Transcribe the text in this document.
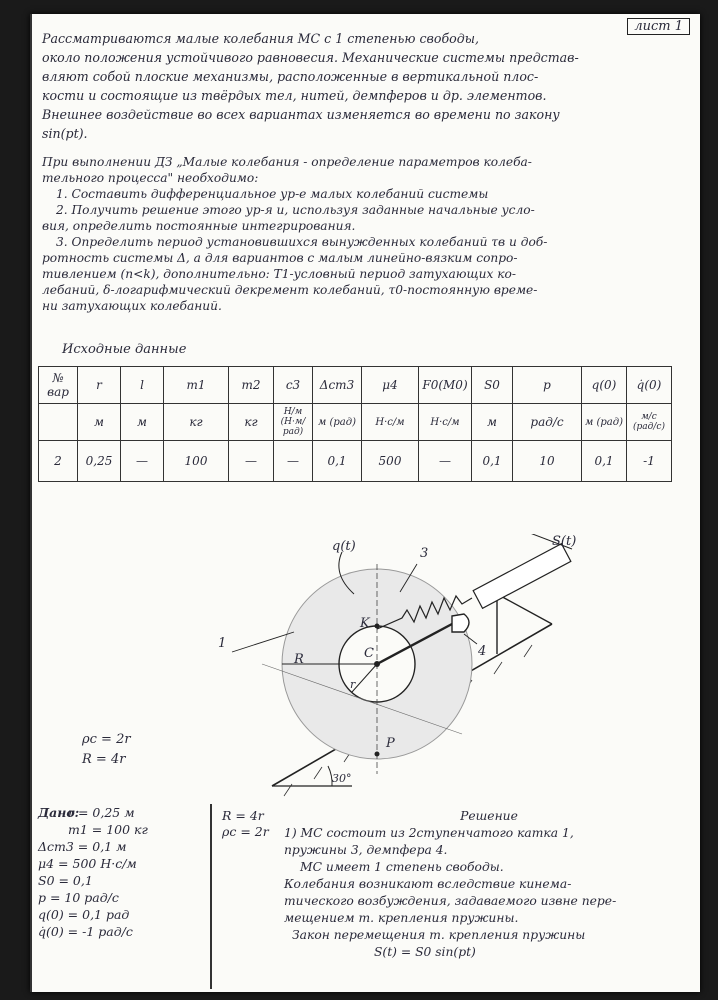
лист 1

Рассматриваются малые колебания МС с 1 степенью свободы,

около положения устойчивого равновесия. Механические системы представ-

вляют собой плоские механизмы, расположенные в вертикальной плос-

кости и состоящие из твёрдых тел, нитей, демпферов и др. элементов.

Внешнее воздействие во всех вариантах изменяется во времени по закону

sin(pt).

При выполнении ДЗ „Малые колебания - определение параметров колеба-

тельного процесса" необходимо:

1. Составить дифференциальное ур-е малых колебаний системы

2. Получить решение этого ур-я и, используя заданные начальные усло-

вия, определить постоянные интегрирования.

3. Определить период установившихся вынужденных колебаний τв и доб-

ротность системы Δ, а для вариантов с малым линейно-вязким сопро-

тивлением (n<k), дополнительно: T1-условный период затухающих ко-

лебаний, δ-логарифмический декремент колебаний, τ0-постоянную време-

ни затухающих колебаний.

Исходные данные
№ вар	r	l	m1	m2	c3	Δст3	μ4	F0(M0)	S0	p	q(0)	q̇(0)
	м	м	кг	кг	Н/м (Н·м/рад)	м (рад)	Н·с/м	Н·с/м	м	рад/с	м (рад)	м/с (рад/с)
2	0,25	—	100	—	—	0,1	500	—	0,1	10	0,1	-1
q(t)	S(t)
1
3
4
K
C
P
R
r
30°
ρc = 2r
R = 4r
Дано:
r = 0,25 м
m1 = 100 кг
Δст3 = 0,1 м
μ4 = 500 Н·с/м
S0 = 0,1
p = 10 рад/с
q(0) = 0,1 рад
q̇(0) = -1 рад/с
R = 4r
ρc = 2r
Решение
1) МС состоит из 2ступенчатого катка 1,
пружины 3, демпфера 4.
МС имеет 1 степень свободы.
Колебания возникают вследствие кинема-
тического возбуждения, задаваемого извне пере-
мещением т. крепления пружины.
Закон перемещения т. крепления пружины
S(t) = S0 sin(pt)
